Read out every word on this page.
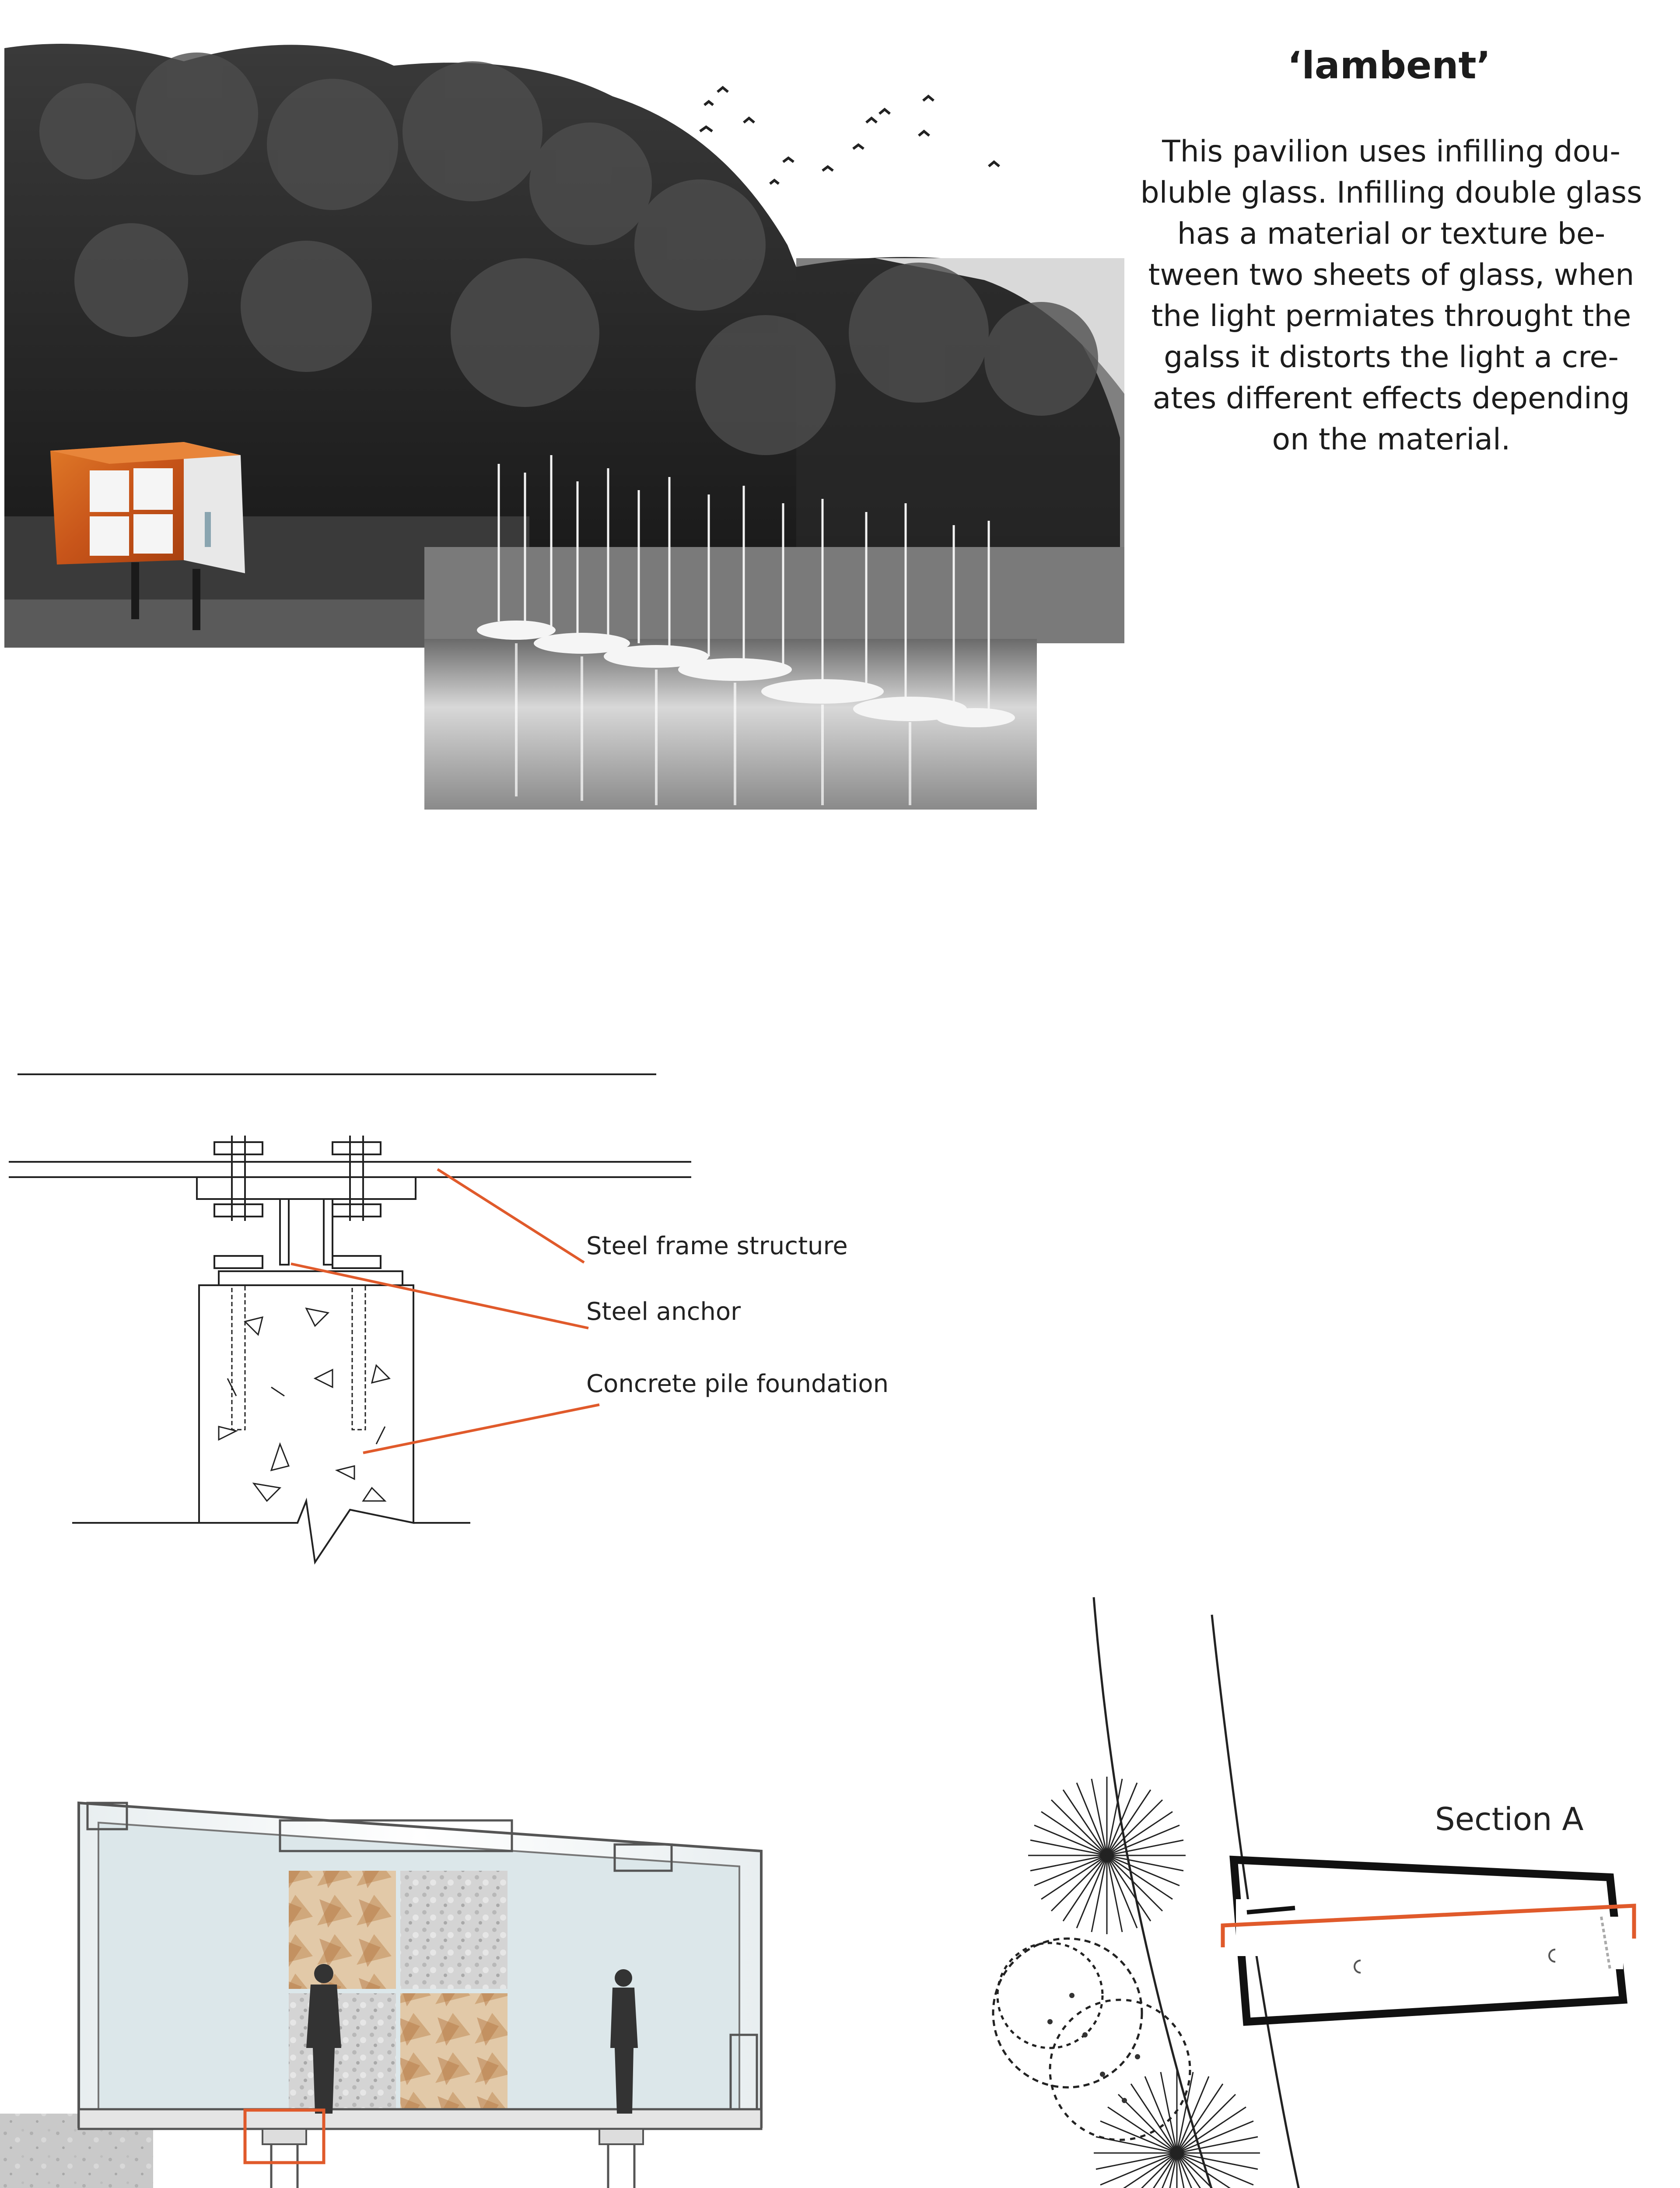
‘lambent’
This pavilion uses infilling dou-
bluble glass. Infilling double glass
has a material or texture be-
tween two sheets of glass, when
the light permiates throught the
galss it distorts the light a cre-
ates different effects depending
on the material.
Steel frame structure
Steel anchor
Concrete pile foundation
Section A
